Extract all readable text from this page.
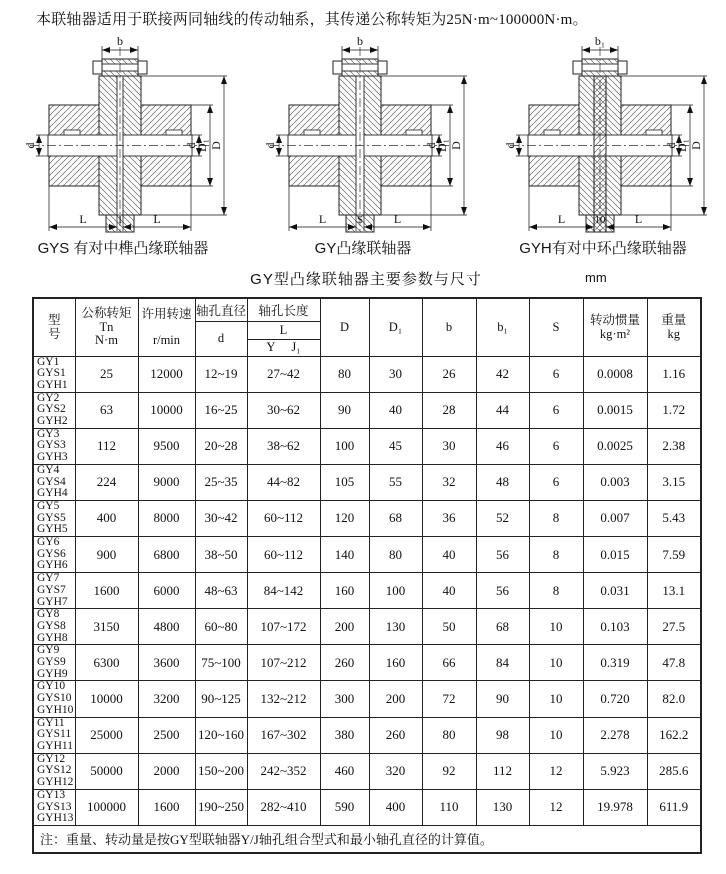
本联轴器适用于联接两同轴线的传动轴系，其传递公称转矩为25N·m~100000N·m。

b
d	d
D₁ D
L	1	L
GYS 有对中榫凸缘联轴器
b
d	d
D₁ D
L	S	L
GY凸缘联轴器
b₁
d	d
D₁ D
L	10 L
GYH有对中环凸缘联轴器
GY型凸缘联轴器主要参数与尺寸	mm
型
号	公称转矩
Tn
N·m	许用转速
r/min	轴孔直径	轴孔长度	D	D₁	b	b₁	S	转动惯量
kg·m²	重量
kg

			d	L							

				Y J₁							

GY1
GYS1
GYH1	25	12000	12~19	27~42	80	30	26	42	6	0.0008	1.16

GY2
GYS2
GYH2	63	10000	16~25	30~62	90	40	28	44	6	0.0015	1.72

GY3
GYS3
GYH3	112	9500	20~28	38~62	100	45	30	46	6	0.0025	2.38

GY4
GYS4
GYH4	224	9000	25~35	44~82	105	55	32	48	6	0.003	3.15

GY5
GYS5
GYH5	400	8000	30~42	60~112	120	68	36	52	8	0.007	5.43

GY6
GYS6
GYH6	900	6800	38~50	60~112	140	80	40	56	8	0.015	7.59

GY7
GYS7
GYH7	1600	6000	48~63	84~142	160	100	40	56	8	0.031	13.1

GY8
GYS8
GYH8	3150	4800	60~80	107~172	200	130	50	68	10	0.103	27.5

GY9
GYS9
GYH9	6300	3600	75~100	107~212	260	160	66	84	10	0.319	47.8

GY10
GYS10
GYH10	10000	3200	90~125	132~212	300	200	72	90	10	0.720	82.0

GY11
GYS11
GYH11	25000	2500	120~160	167~302	380	260	80	98	10	2.278	162.2

GY12
GYS12
GYH12	50000	2000	150~200	242~352	460	320	92	112	12	5.923	285.6

GY13
GYS13
GYH13	100000	1600	190~250	282~410	590	400	110	130	12	19.978	611.9
注：重量、转动量是按GY型联轴器Y/J轴孔组合型式和最小轴孔直径的计算值。											
